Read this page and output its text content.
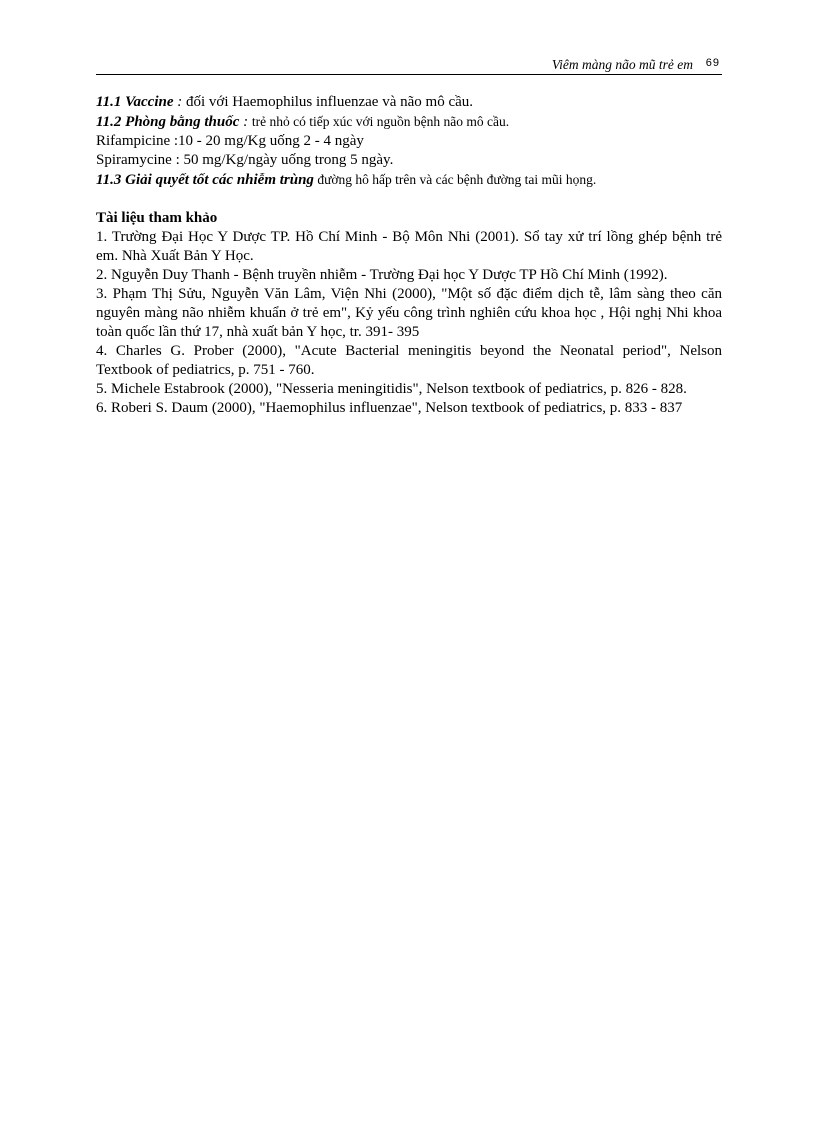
Viêm màng não mũ trẻ em 69

11.1 Vaccine : đối với Haemophilus influenzae và não mô cầu.

11.2 Phòng bằng thuốc : trẻ nhỏ có tiếp xúc với nguồn bệnh não mô cầu.

Rifampicine :10 - 20 mg/Kg uống 2 - 4 ngày

Spiramycine : 50 mg/Kg/ngày uống trong 5 ngày.

11.3 Giải quyết tốt các nhiễm trùng đường hô hấp trên và các bệnh đường tai mũi họng.

Tài liệu tham khảo

1. Trường Đại Học Y Dược TP. Hồ Chí Minh - Bộ Môn Nhi (2001). Sổ tay xử trí lồng ghép bệnh trẻ em. Nhà Xuất Bản Y Học.

2. Nguyễn Duy Thanh - Bệnh truyền nhiễm - Trường Đại học Y Dược TP Hồ Chí Minh (1992).

3. Phạm Thị Sửu, Nguyễn Văn Lâm, Viện Nhi (2000), "Một số đặc điểm dịch tễ, lâm sàng theo căn nguyên màng não nhiễm khuẩn ở trẻ em", Kỷ yếu công trình nghiên cứu khoa học , Hội nghị Nhi khoa toàn quốc lần thứ 17, nhà xuất bản Y học, tr. 391- 395

4. Charles G. Prober (2000), "Acute Bacterial meningitis beyond the Neonatal period", Nelson Textbook of pediatrics, p. 751 - 760.

5. Michele Estabrook (2000), "Nesseria meningitidis", Nelson textbook of pediatrics, p. 826 - 828.

6. Roberi S. Daum (2000), "Haemophilus influenzae", Nelson textbook of pediatrics, p. 833 - 837
